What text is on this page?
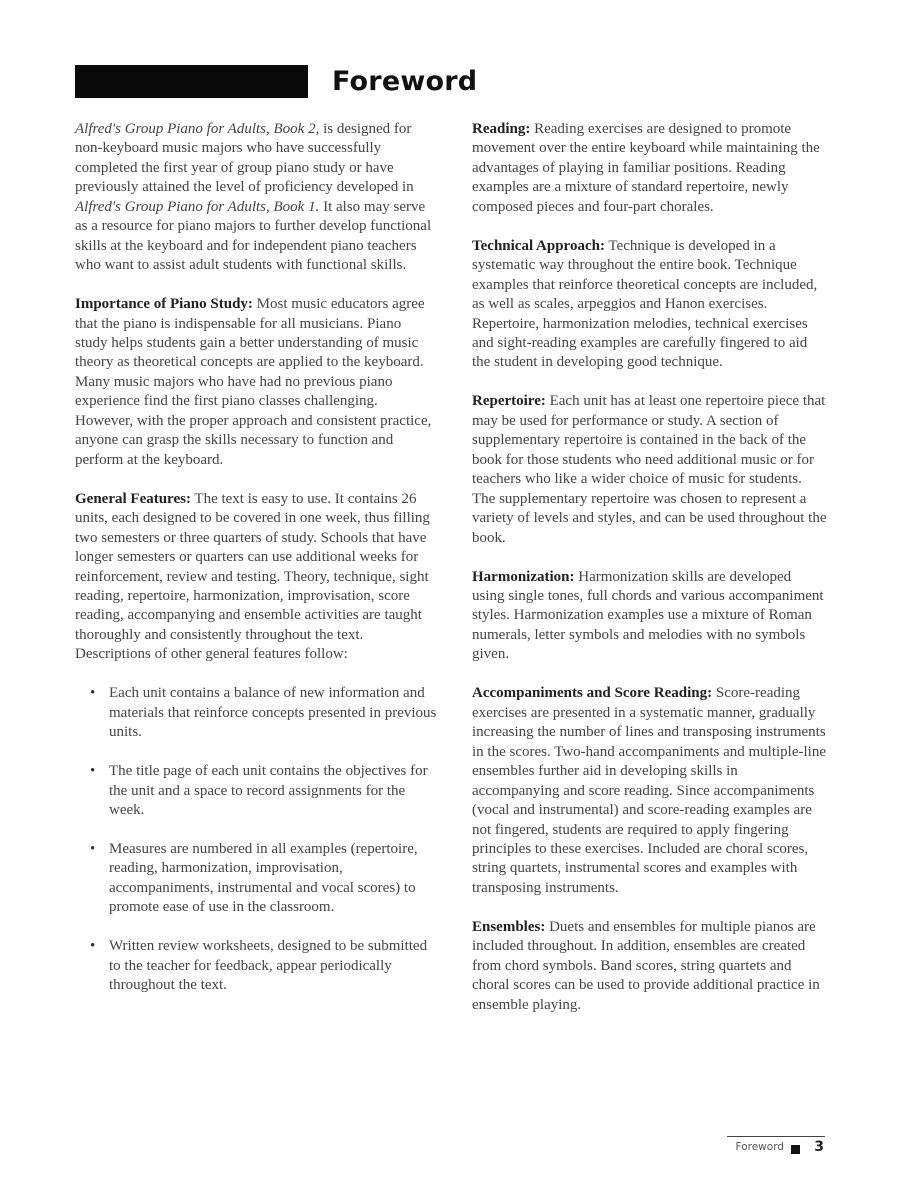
Foreword

Alfred's Group Piano for Adults, Book 2, is designed for non-keyboard music majors who have successfully completed the first year of group piano study or have previously attained the level of proficiency developed in Alfred's Group Piano for Adults, Book 1. It also may serve as a resource for piano majors to further develop functional skills at the keyboard and for independent piano teachers who want to assist adult students with functional skills.

Importance of Piano Study: Most music educators agree that the piano is indispensable for all musicians. Piano study helps students gain a better understanding of music theory as theoretical concepts are applied to the keyboard. Many music majors who have had no previous piano experience find the first piano classes challenging. However, with the proper approach and consistent practice, anyone can grasp the skills necessary to function and perform at the keyboard.

General Features: The text is easy to use. It contains 26 units, each designed to be covered in one week, thus filling two semesters or three quarters of study. Schools that have longer semesters or quarters can use additional weeks for reinforcement, review and testing. Theory, technique, sight reading, repertoire, harmonization, improvisation, score reading, accompanying and ensemble activities are taught thoroughly and consistently throughout the text. Descriptions of other general features follow:

• Each unit contains a balance of new information and materials that reinforce concepts presented in previous units.
• The title page of each unit contains the objectives for the unit and a space to record assignments for the week.
• Measures are numbered in all examples (repertoire, reading, harmonization, improvisation, accompaniments, instrumental and vocal scores) to promote ease of use in the classroom.
• Written review worksheets, designed to be submitted to the teacher for feedback, appear periodically throughout the text.

Reading: Reading exercises are designed to promote movement over the entire keyboard while maintaining the advantages of playing in familiar positions. Reading examples are a mixture of standard repertoire, newly composed pieces and four-part chorales.

Technical Approach: Technique is developed in a systematic way throughout the entire book. Technique examples that reinforce theoretical concepts are included, as well as scales, arpeggios and Hanon exercises. Repertoire, harmonization melodies, technical exercises and sight-reading examples are carefully fingered to aid the student in developing good technique.

Repertoire: Each unit has at least one repertoire piece that may be used for performance or study. A section of supplementary repertoire is contained in the back of the book for those students who need additional music or for teachers who like a wider choice of music for students. The supplementary repertoire was chosen to represent a variety of levels and styles, and can be used throughout the book.

Harmonization: Harmonization skills are developed using single tones, full chords and various accompaniment styles. Harmonization examples use a mixture of Roman numerals, letter symbols and melodies with no symbols given.

Accompaniments and Score Reading: Score-reading exercises are presented in a systematic manner, gradually increasing the number of lines and transposing instruments in the scores. Two-hand accompaniments and multiple-line ensembles further aid in developing skills in accompanying and score reading. Since accompaniments (vocal and instrumental) and score-reading examples are not fingered, students are required to apply fingering principles to these exercises. Included are choral scores, string quartets, instrumental scores and examples with transposing instruments.

Ensembles: Duets and ensembles for multiple pianos are included throughout. In addition, ensembles are created from chord symbols. Band scores, string quartets and choral scores can be used to provide additional practice in ensemble playing.

Foreword 3
